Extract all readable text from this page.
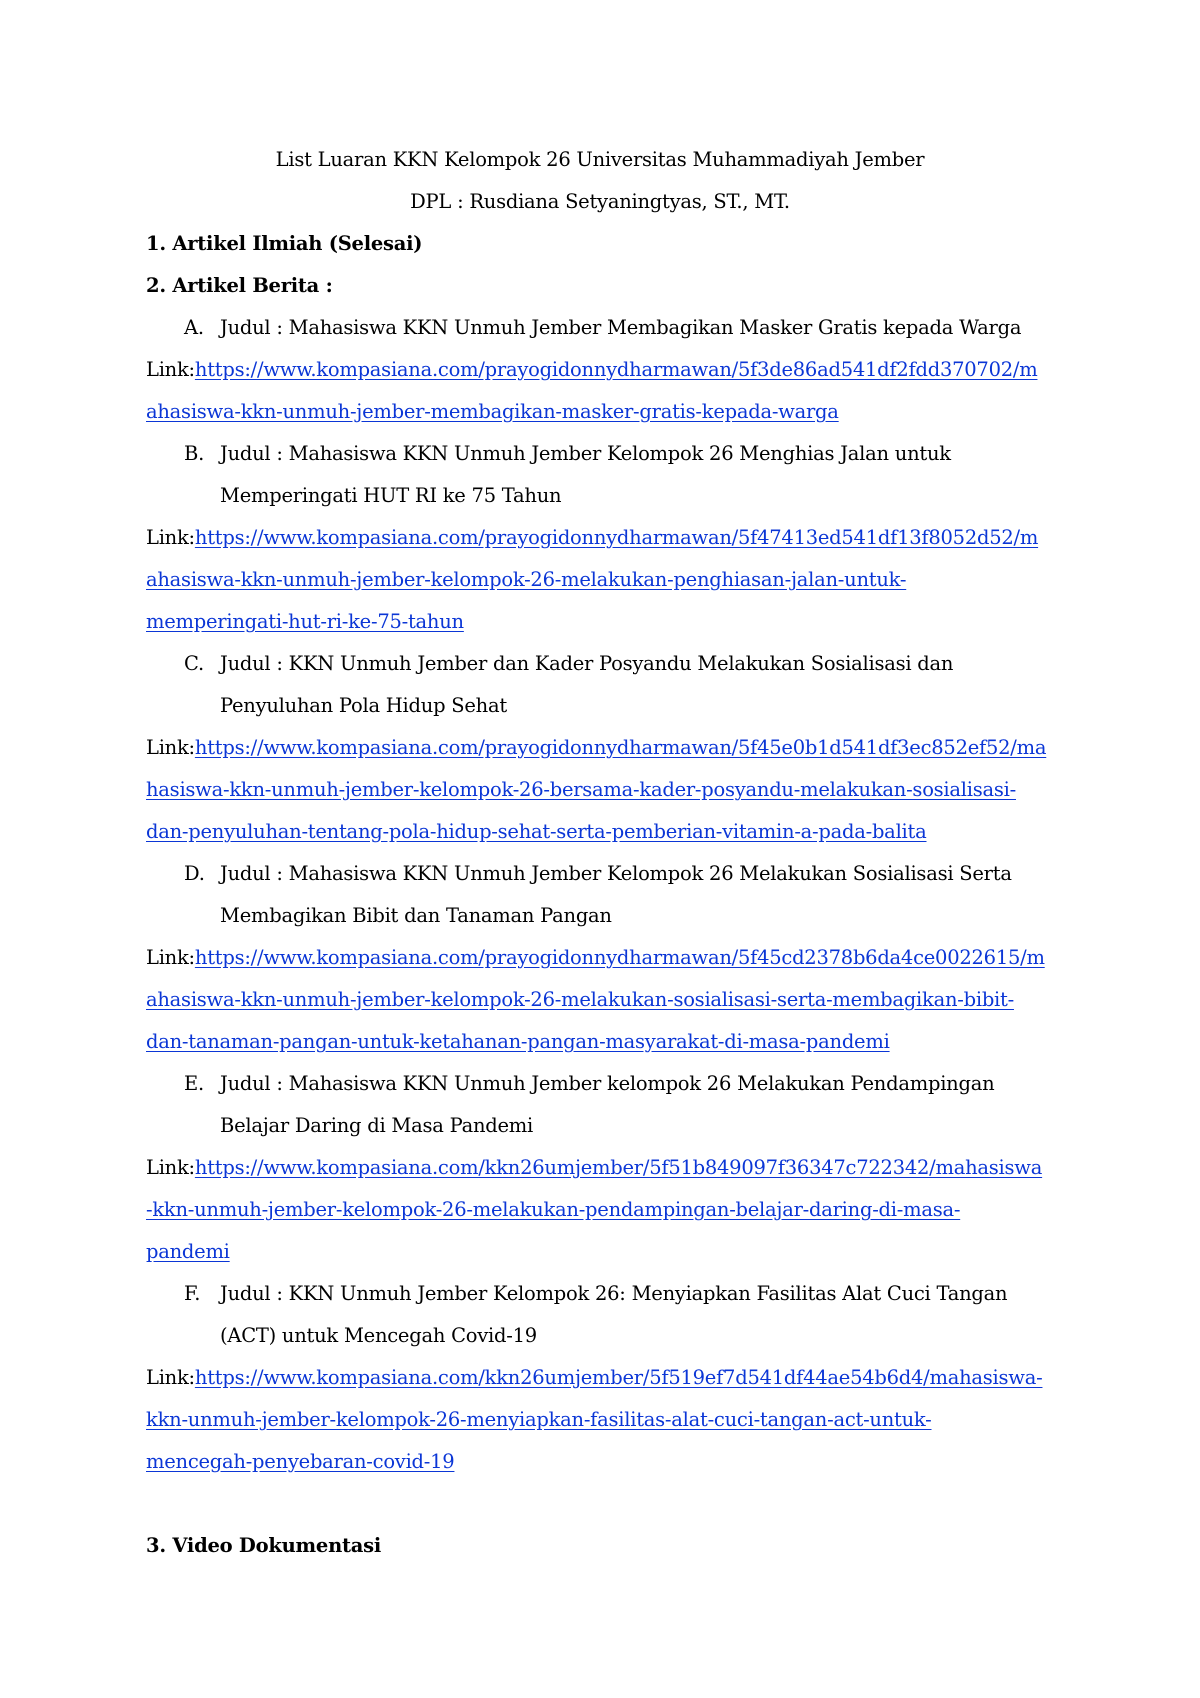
List Luaran KKN Kelompok 26 Universitas Muhammadiyah Jember
DPL : Rusdiana Setyaningtyas, ST., MT.
1. Artikel Ilmiah (Selesai)
2. Artikel Berita :
A. Judul : Mahasiswa KKN Unmuh Jember Membagikan Masker Gratis kepada Warga
Link:https://www.kompasiana.com/prayogidonnydharmawan/5f3de86ad541df2fdd370702/m
ahasiswa-kkn-unmuh-jember-membagikan-masker-gratis-kepada-warga
B. Judul : Mahasiswa KKN Unmuh Jember Kelompok 26 Menghias Jalan untuk
Memperingati HUT RI ke 75 Tahun
Link:https://www.kompasiana.com/prayogidonnydharmawan/5f47413ed541df13f8052d52/m
ahasiswa-kkn-unmuh-jember-kelompok-26-melakukan-penghiasan-jalan-untuk-
memperingati-hut-ri-ke-75-tahun
C. Judul : KKN Unmuh Jember dan Kader Posyandu Melakukan Sosialisasi dan
Penyuluhan Pola Hidup Sehat
Link:https://www.kompasiana.com/prayogidonnydharmawan/5f45e0b1d541df3ec852ef52/ma
hasiswa-kkn-unmuh-jember-kelompok-26-bersama-kader-posyandu-melakukan-sosialisasi-
dan-penyuluhan-tentang-pola-hidup-sehat-serta-pemberian-vitamin-a-pada-balita
D. Judul : Mahasiswa KKN Unmuh Jember Kelompok 26 Melakukan Sosialisasi Serta
Membagikan Bibit dan Tanaman Pangan
Link:https://www.kompasiana.com/prayogidonnydharmawan/5f45cd2378b6da4ce0022615/m
ahasiswa-kkn-unmuh-jember-kelompok-26-melakukan-sosialisasi-serta-membagikan-bibit-
dan-tanaman-pangan-untuk-ketahanan-pangan-masyarakat-di-masa-pandemi
E. Judul : Mahasiswa KKN Unmuh Jember kelompok 26 Melakukan Pendampingan
Belajar Daring di Masa Pandemi
Link:https://www.kompasiana.com/kkn26umjember/5f51b849097f36347c722342/mahasiswa
-kkn-unmuh-jember-kelompok-26-melakukan-pendampingan-belajar-daring-di-masa-
pandemi
F. Judul : KKN Unmuh Jember Kelompok 26: Menyiapkan Fasilitas Alat Cuci Tangan
(ACT) untuk Mencegah Covid-19
Link:https://www.kompasiana.com/kkn26umjember/5f519ef7d541df44ae54b6d4/mahasiswa-
kkn-unmuh-jember-kelompok-26-menyiapkan-fasilitas-alat-cuci-tangan-act-untuk-
mencegah-penyebaran-covid-19
3. Video Dokumentasi
